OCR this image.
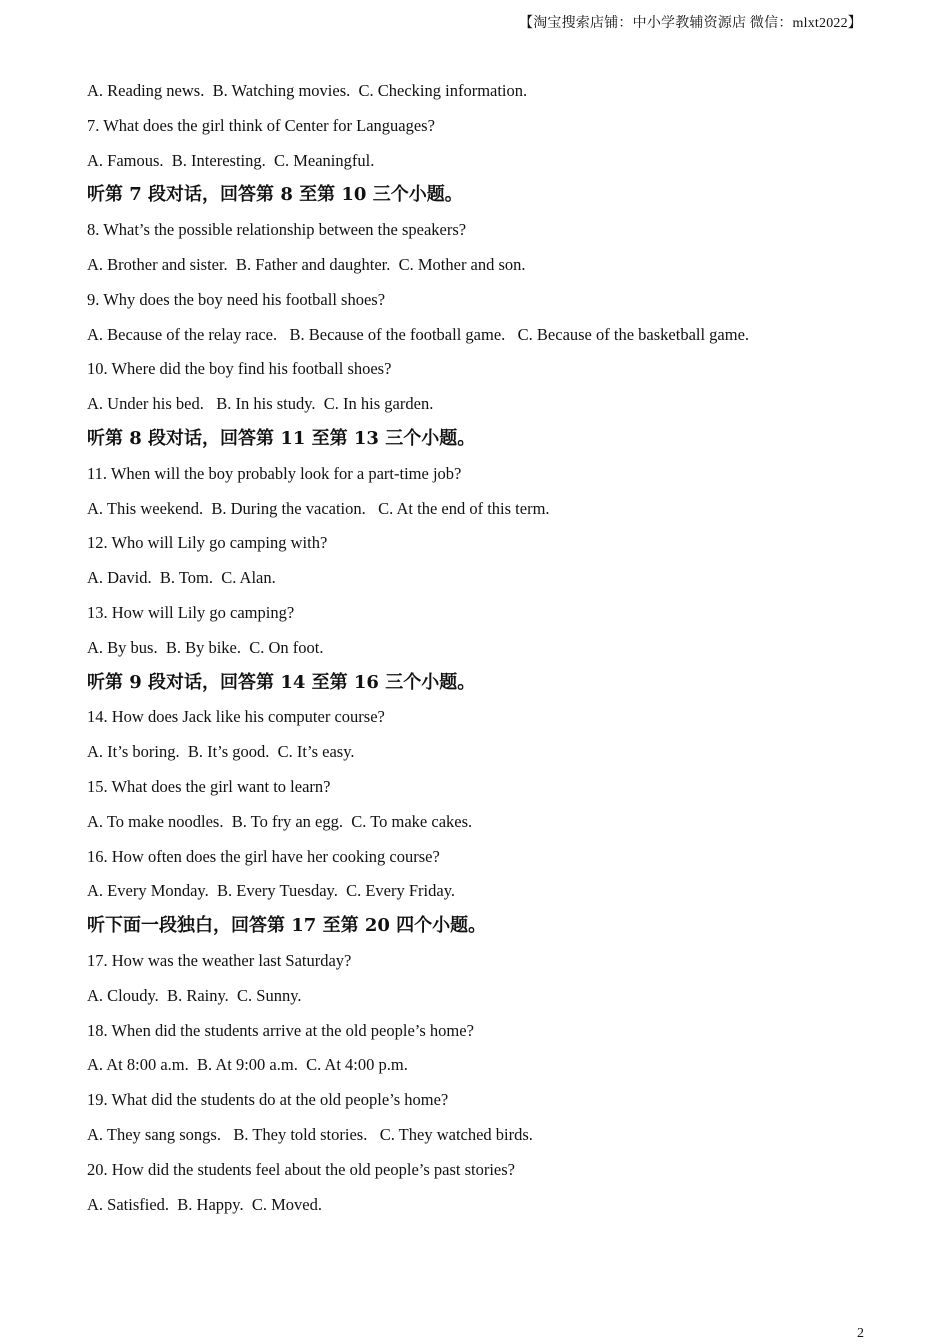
【淘宝搜索店铺：中小学教辅资源店 微信：mlxt2022】
A. Reading news.  B. Watching movies.  C. Checking information.
7. What does the girl think of Center for Languages?
A. Famous.  B. Interesting.  C. Meaningful.
听第 7 段对话，回答第 8 至第 10 三个小题。
8. What’s the possible relationship between the speakers?
A. Brother and sister.  B. Father and daughter.  C. Mother and son.
9. Why does the boy need his football shoes?
A. Because of the relay race.   B. Because of the football game.   C. Because of the basketball game.
10. Where did the boy find his football shoes?
A. Under his bed.   B. In his study.  C. In his garden.
听第 8 段对话，回答第 11 至第 13 三个小题。
11. When will the boy probably look for a part-time job?
A. This weekend.  B. During the vacation.   C. At the end of this term.
12. Who will Lily go camping with?
A. David.  B. Tom.  C. Alan.
13. How will Lily go camping?
A. By bus.  B. By bike.  C. On foot.
听第 9 段对话，回答第 14 至第 16 三个小题。
14. How does Jack like his computer course?
A. It’s boring.  B. It’s good.  C. It’s easy.
15. What does the girl want to learn?
A. To make noodles.  B. To fry an egg.  C. To make cakes.
16. How often does the girl have her cooking course?
A. Every Monday.  B. Every Tuesday.  C. Every Friday.
听下面一段独白，回答第 17 至第 20 四个小题。
17. How was the weather last Saturday?
A. Cloudy.  B. Rainy.  C. Sunny.
18. When did the students arrive at the old people’s home?
A. At 8:00 a.m.  B. At 9:00 a.m.  C. At 4:00 p.m.
19. What did the students do at the old people’s home?
A. They sang songs.   B. They told stories.   C. They watched birds.
20. How did the students feel about the old people’s past stories?
A. Satisfied.  B. Happy.  C. Moved.
2
